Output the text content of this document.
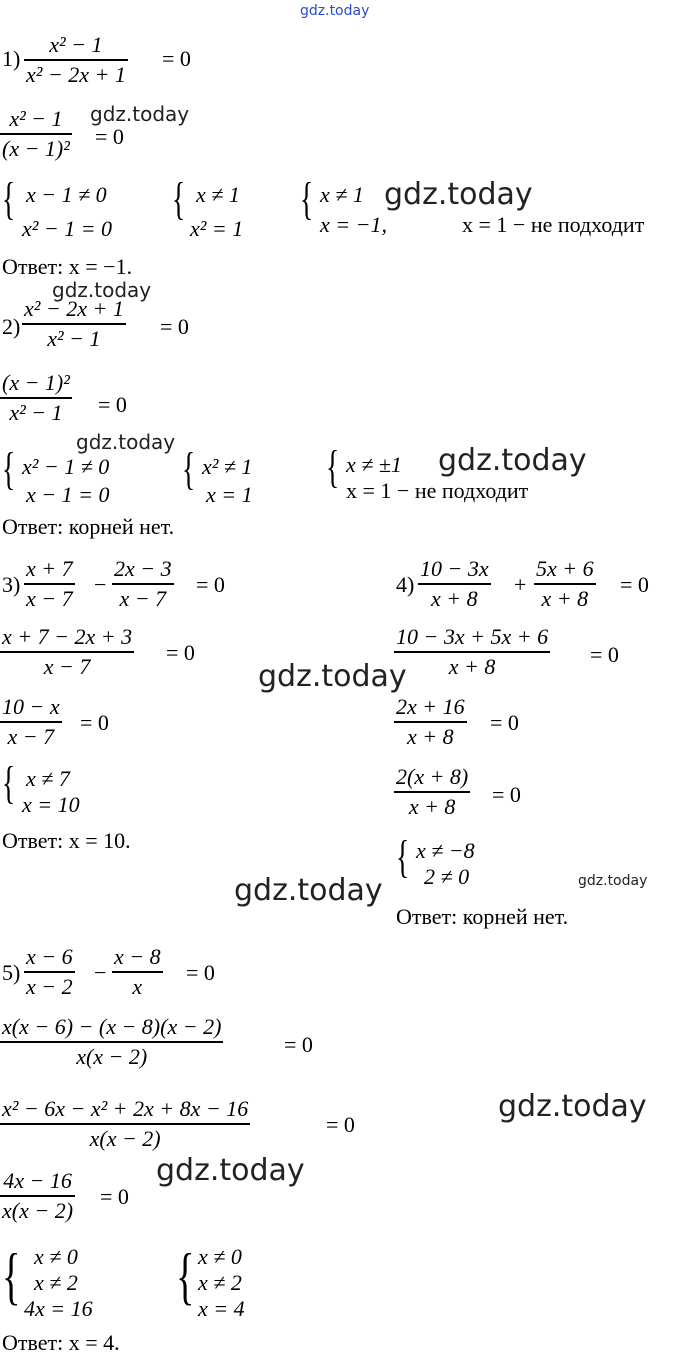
gdz.today
1)
x² − 1
x² − 2x + 1
= 0
x² − 1
(x − 1)² = 0
gdz.today
{ x − 1 ≠ 0
x² − 1 = 0
{ x ≠ 1
x² = 1
{ x ≠ 1
x = −1,	x = 1 − не подходит
gdz.today
Ответ: x = −1.
gdz.today
2)
x² − 2x + 1
x² − 1	= 0
(x − 1)²
x² − 1 = 0
gdz.today
{ x² − 1 ≠ 0
x − 1 = 0
{ x² ≠ 1
x = 1
{ x ≠ ±1
x = 1 − не подходит
gdz.today
Ответ: корней нет.
3)
x + 7
x − 7
−
2x − 3
x − 7
= 0
x + 7 − 2x + 3
x − 7
= 0
10 − x
x − 7
= 0
{ x ≠ 7
x = 10
Ответ: x = 10.
gdz.today
4)
10 − 3x
x + 8
+
5x + 6
x + 8
= 0
10 − 3x + 5x + 6
x + 8	= 0
2x + 16
x + 8
= 0
2(x + 8)
x + 8 = 0
{ x ≠ −8
2 ≠ 0	gdz.today
gdz.today
Ответ: корней нет.
5)
x − 6
x − 2
−
x − 8
x
= 0
x(x − 6) − (x − 8)(x − 2)
x(x − 2)	= 0
x² − 6x − x² + 2x + 8x − 16
x(x − 2)
= 0
gdz.today
4x − 16
x(x − 2)
= 0
gdz.today
{ x ≠ 0
x ≠ 2
4x = 16 { x ≠ 0
x ≠ 2
x = 4
Ответ: x = 4.
